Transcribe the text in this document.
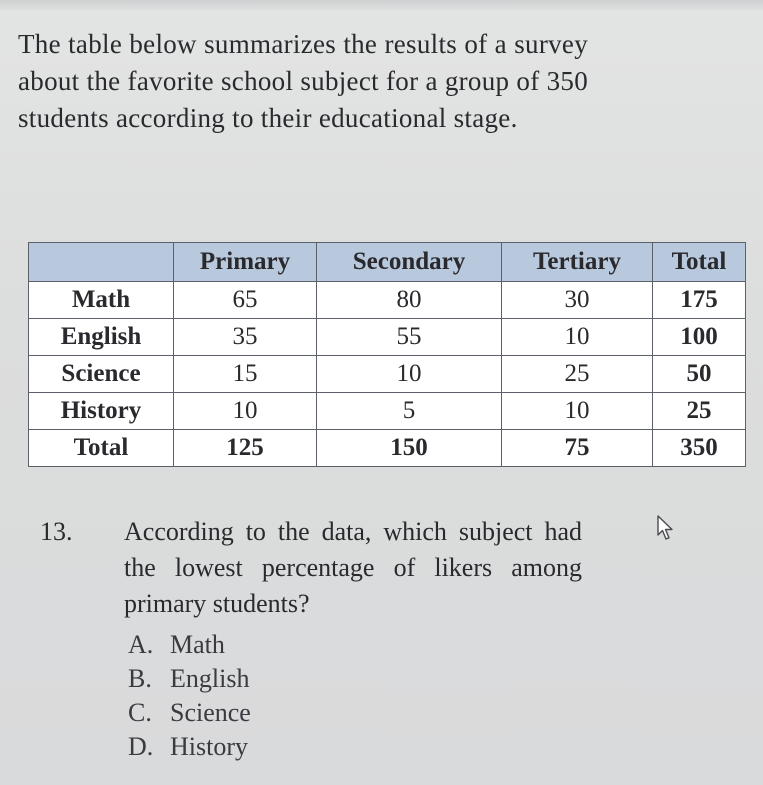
The table below summarizes the results of a survey about the favorite school subject for a group of 350 students according to their educational stage.

	Primary	Secondary	Tertiary	Total
Math	65	80	30	175
English	35	55	10	100
Science	15	10	25	50
History	10	5	10	25
Total	125	150	75	350
13. According to the data, which subject had the lowest percentage of likers among primary students?
A. Math
B. English
C. Science
D. History
